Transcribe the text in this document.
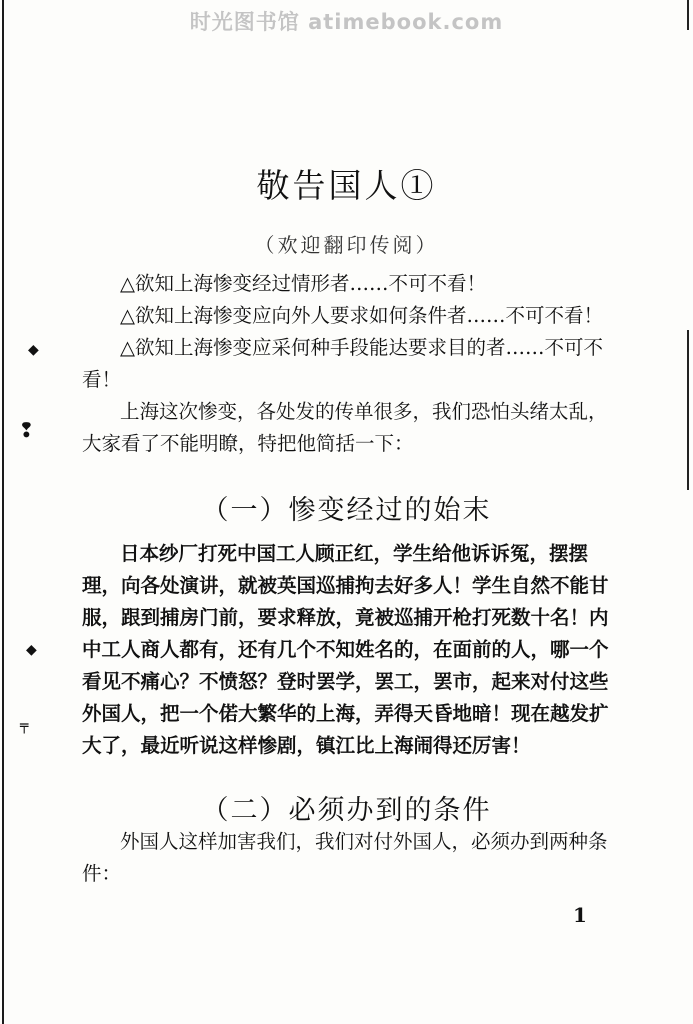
◆
❢
◆
╤
时光图书馆 atimebook.com
敬告国人①
（欢迎翻印传阅）

△欲知上海惨变经过情形者……不可不看！

△欲知上海惨变应向外人要求如何条件者……不可不看！

△欲知上海惨变应采何种手段能达要求目的者……不可不看！

上海这次惨变，各处发的传单很多，我们恐怕头绪太乱，大家看了不能明瞭，特把他简括一下：

（一）惨变经过的始末

日本纱厂打死中国工人顾正红，学生给他诉诉冤，摆摆理，向各处演讲，就被英国巡捕拘去好多人！学生自然不能甘服，跟到捕房门前，要求释放，竟被巡捕开枪打死数十名！内中工人商人都有，还有几个不知姓名的，在面前的人，哪一个看见不痛心？不愤怒？登时罢学，罢工，罢市，起来对付这些外国人，把一个偌大繁华的上海，弄得天昏地暗！现在越发扩大了，最近听说这样惨剧，镇江比上海闹得还厉害！

（二）必须办到的条件

外国人这样加害我们，我们对付外国人，必须办到两种条件：

1
